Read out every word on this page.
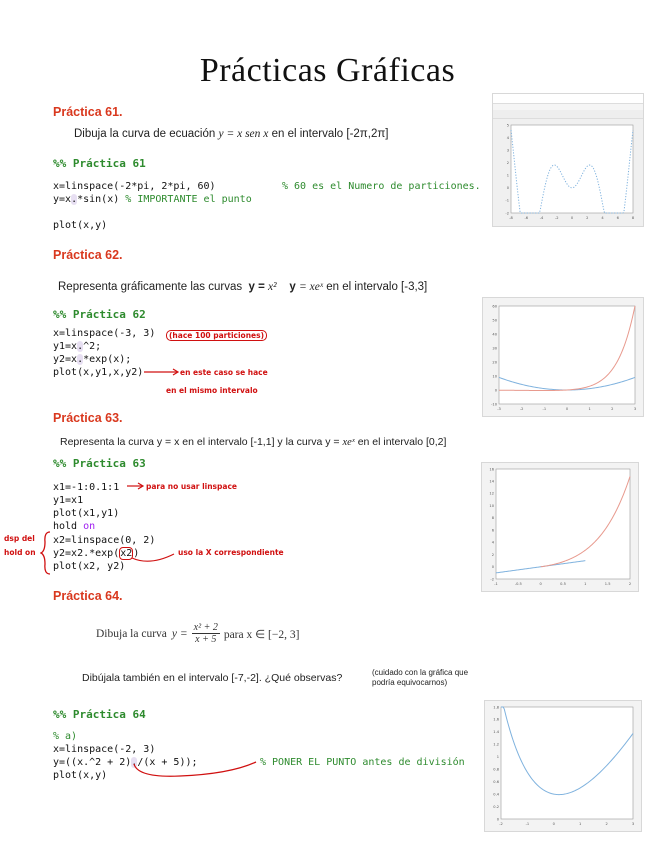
Prácticas Gráficas
Práctica 61.
Dibuja la curva de ecuación y = x sen x en el intervalo [-2π,2π]
%% Práctica 61
x=linspace(-2*pi, 2*pi, 60)	% 60 es el Numero de particiones.
y=x.*sin(x) % IMPORTANTE el punto
plot(x,y)
-8	-6	-4	-2	0	2	4	6	8
5
4
3
2
1
0
-1
-2
Práctica 62.
Representa gráficamente las curvas y = x² y = xeˣ en el intervalo [-3,3]
%% Práctica 62
x=linspace(-3, 3)	(hace 100 particiones)
y1=x.^2;
y2=x.*exp(x);
plot(x,y1,x,y2)	en este caso se hace
en el mismo intervalo
-3	-2	-1	0	1	2	3
60
50
40
30
20
10
0
-10
Práctica 63.
Representa la curva y = x en el intervalo [-1,1] y la curva y = xeˣ en el intervalo [0,2]
%% Práctica 63
x1=-1:0.1:1	para no usar linspace
y1=x1
plot(x1,y1)
hold on
x2=linspace(0, 2)
y2=x2.*exp(x2)	uso la X correspondiente
plot(x2, y2)
dsp del
hold on
-1	-0.5	0	0.5	1	1.5	2
16
14
12
10
8
6
4
2
0
-2
Práctica 64.
Dibuja la curva $y = \frac{\text{x² + 2}}{x + 5}$ para x ∈ [−2, 3]
Dibújala también en el intervalo [-7,-2]. ¿Qué observas?	(cuidado con la gráfica que
podría equivocarnos)
%% Práctica 64
% a)
x=linspace(-2, 3)
y=((x.^2 + 2)./(x + 5));	% PONER EL PUNTO antes de división
plot(x,y)
-2	-1	0	1	2	3
1.8
1.6
1.4
1.2
1
0.8
0.6
0.4
0.2
0
